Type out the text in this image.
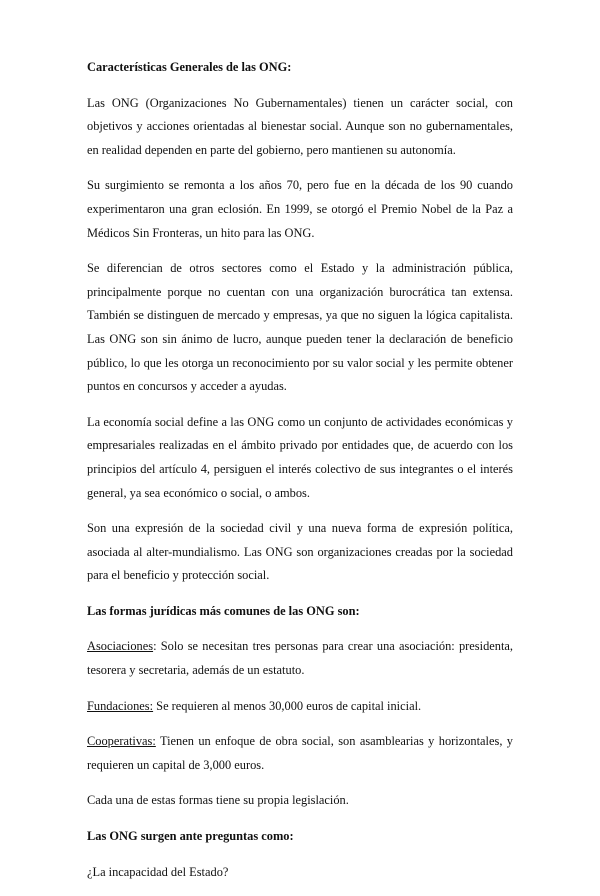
Características Generales de las ONG:

Las ONG (Organizaciones No Gubernamentales) tienen un carácter social, con objetivos y acciones orientadas al bienestar social. Aunque son no gubernamentales, en realidad dependen en parte del gobierno, pero mantienen su autonomía.

Su surgimiento se remonta a los años 70, pero fue en la década de los 90 cuando experimentaron una gran eclosión. En 1999, se otorgó el Premio Nobel de la Paz a Médicos Sin Fronteras, un hito para las ONG.

Se diferencian de otros sectores como el Estado y la administración pública, principalmente porque no cuentan con una organización burocrática tan extensa. También se distinguen de mercado y empresas, ya que no siguen la lógica capitalista. Las ONG son sin ánimo de lucro, aunque pueden tener la declaración de beneficio público, lo que les otorga un reconocimiento por su valor social y les permite obtener puntos en concursos y acceder a ayudas.

La economía social define a las ONG como un conjunto de actividades económicas y empresariales realizadas en el ámbito privado por entidades que, de acuerdo con los principios del artículo 4, persiguen el interés colectivo de sus integrantes o el interés general, ya sea económico o social, o ambos.

Son una expresión de la sociedad civil y una nueva forma de expresión política, asociada al alter-mundialismo. Las ONG son organizaciones creadas por la sociedad para el beneficio y protección social.

Las formas jurídicas más comunes de las ONG son:

Asociaciones: Solo se necesitan tres personas para crear una asociación: presidenta, tesorera y secretaria, además de un estatuto.

Fundaciones: Se requieren al menos 30,000 euros de capital inicial.

Cooperativas: Tienen un enfoque de obra social, son asamblearias y horizontales, y requieren un capital de 3,000 euros.

Cada una de estas formas tiene su propia legislación.

Las ONG surgen ante preguntas como:

¿La incapacidad del Estado?
